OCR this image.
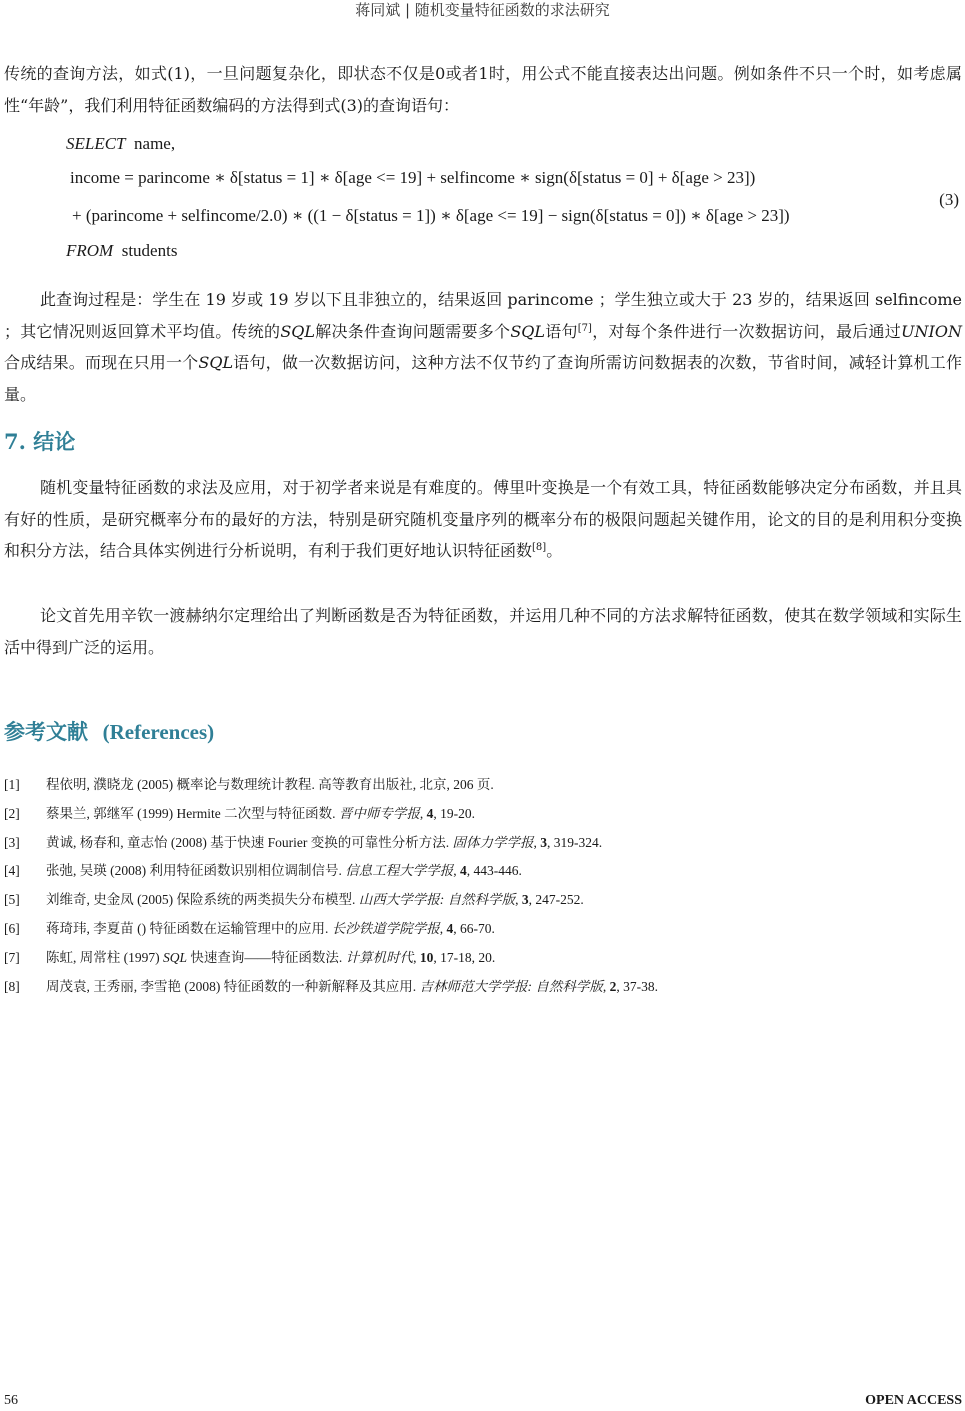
蒋同斌 | 随机变量特征函数的求法研究

传统的查询方法，如式(1)，一旦问题复杂化，即状态不仅是0或者1时，用公式不能直接表达出问题。例如条件不只一个时，如考虑属性“年龄”，我们利用特征函数编码的方法得到式(3)的查询语句：

SELECT name,
income = parincome ∗ δ[status = 1] ∗ δ[age <= 19] + selfincome ∗ sign(δ[status = 0] + δ[age > 23])
+ (parincome + selfincome/2.0) ∗ ((1 − δ[status = 1]) ∗ δ[age <= 19] − sign(δ[status = 0]) ∗ δ[age > 23])
FROM students
(3)

此查询过程是：学生在 19 岁或 19 岁以下且非独立的，结果返回 parincome ；学生独立或大于 23 岁的，结果返回 selfincome ；其它情况则返回算术平均值。传统的SQL解决条件查询问题需要多个SQL语句[7]，对每个条件进行一次数据访问，最后通过UNION合成结果。而现在只用一个SQL语句，做一次数据访问，这种方法不仅节约了查询所需访问数据表的次数，节省时间，减轻计算机工作量。

7. 结论

随机变量特征函数的求法及应用，对于初学者来说是有难度的。傅里叶变换是一个有效工具，特征函数能够决定分布函数，并且具有好的性质，是研究概率分布的最好的方法，特别是研究随机变量序列的概率分布的极限问题起关键作用，论文的目的是利用积分变换和积分方法，结合具体实例进行分析说明，有利于我们更好地认识特征函数[8]。

论文首先用辛钦一渡赫纳尔定理给出了判断函数是否为特征函数，并运用几种不同的方法求解特征函数，使其在数学领域和实际生活中得到广泛的运用。

参考文献 (References)
[1] 程依明, 濮晓龙 (2005) 概率论与数理统计教程. 高等教育出版社, 北京, 206 页.
[2] 蔡果兰, 郭继军 (1999) Hermite 二次型与特征函数. 晋中师专学报, 4, 19-20.
[3] 黄诚, 杨春和, 童志怡 (2008) 基于快速 Fourier 变换的可靠性分析方法. 固体力学学报, 3, 319-324.
[4] 张弛, 吴瑛 (2008) 利用特征函数识别相位调制信号. 信息工程大学学报, 4, 443-446.
[5] 刘维奇, 史金凤 (2005) 保险系统的两类损失分布模型. 山西大学学报: 自然科学版, 3, 247-252.
[6] 蒋琦玮, 李夏苗 () 特征函数在运输管理中的应用. 长沙铁道学院学报, 4, 66-70.
[7] 陈虹, 周常柱 (1997) SQL 快速查询——特征函数法. 计算机时代, 10, 17-18, 20.
[8] 周茂袁, 王秀丽, 李雪艳 (2008) 特征函数的一种新解释及其应用. 吉林师范大学学报: 自然科学版, 2, 37-38.
56	OPEN ACCESS
